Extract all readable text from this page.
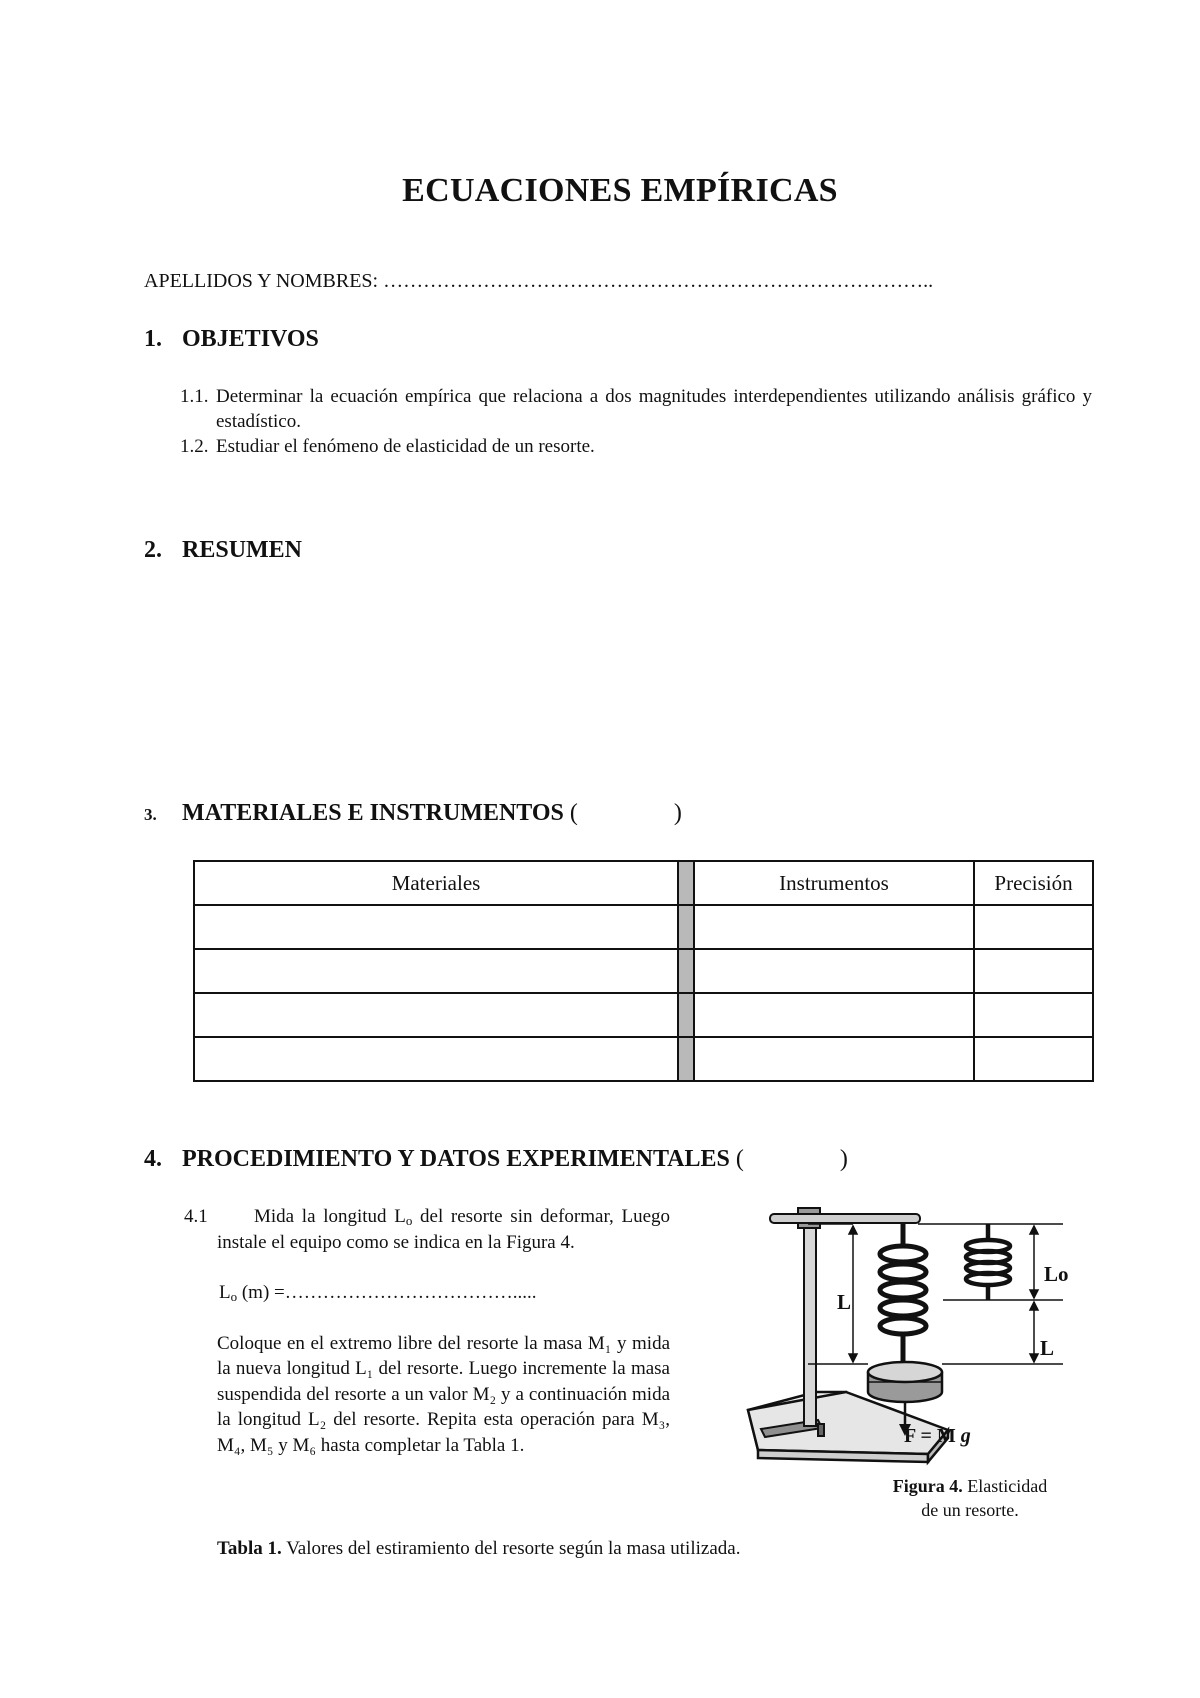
ECUACIONES EMPÍRICAS
APELLIDOS Y NOMBRES: ………………………………………………………………………..
1. OBJETIVOS
1.1. Determinar la ecuación empírica que relaciona a dos magnitudes interdependientes utilizando análisis gráfico y estadístico.
1.2. Estudiar el fenómeno de elasticidad de un resorte.
2. RESUMEN
3. MATERIALES E INSTRUMENTOS (                )
Materiales		Instrumentos	Precisión

4. PROCEDIMIENTO Y DATOS EXPERIMENTALES (                )
4.1 Mida la longitud $L_o$ del resorte sin deformar, Luego instale el equipo como se indica en la Figura 4.
$L_o$ (m) =……………………………….....
Coloque en el extremo libre del resorte la masa M₁ y mida la nueva longitud L₁ del resorte. Luego incremente la masa suspendida del resorte a un valor M₂ y a continuación mida la longitud L₂ del resorte. Repita esta operación para M₃, M₄, M₅ y M₆ hasta completar la Tabla 1.
L
Lo
L
F = M g
Figura 4. Elasticidad
de un resorte.
Tabla 1. Valores del estiramiento del resorte según la masa utilizada.
